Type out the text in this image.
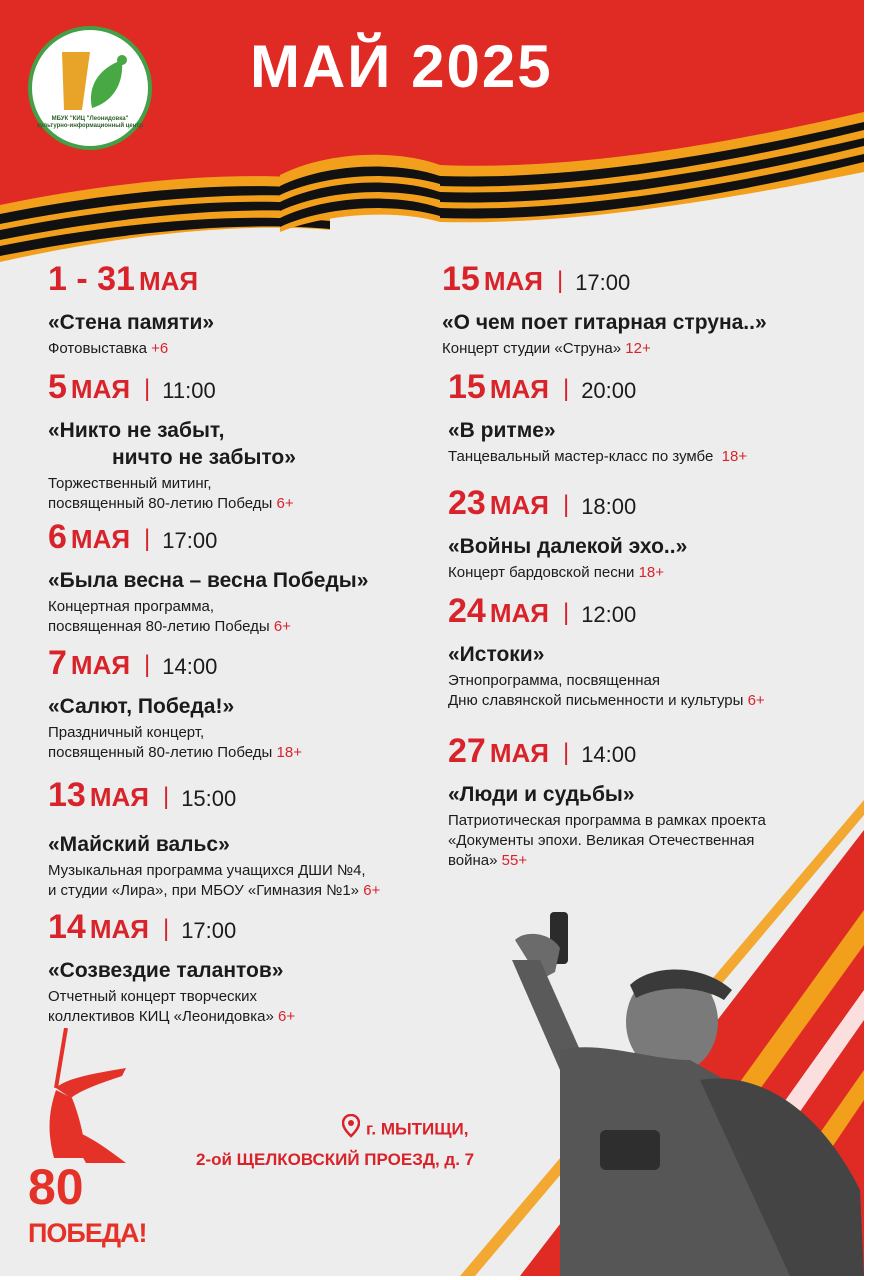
МБУК "КИЦ "Леонидовка"
культурно-информационный центр
МАЙ 2025
1 - 31 МАЯ
«Стена памяти»
Фотовыставка +6
5 МАЯ | 11:00
«Никто не забыт,
ничто не забыто»
Торжественный митинг,
посвященный 80-летию Победы 6+
6 МАЯ | 17:00
«Была весна – весна Победы»
Концертная программа,
посвященная 80-летию Победы 6+
7 МАЯ | 14:00
«Салют, Победа!»
Праздничный концерт,
посвященный 80-летию Победы 18+
13 МАЯ | 15:00
«Майский вальс»
Музыкальная программа учащихся ДШИ №4,
и студии «Лира», при МБОУ «Гимназия №1» 6+
14 МАЯ | 17:00
«Созвездие талантов»
Отчетный концерт творческих
коллективов КИЦ «Леонидовка» 6+
15 МАЯ | 17:00
«О чем поет гитарная струна..»
Концерт студии «Струна» 12+
15 МАЯ | 20:00
«В ритме»
Танцевальный мастер-класс по зумбе 18+
23 МАЯ | 18:00
«Войны далекой эхо..»
Концерт бардовской песни 18+
24 МАЯ | 12:00
«Истоки»
Этнопрограмма, посвященная
Дню славянской письменности и культуры 6+
27 МАЯ | 14:00
«Люди и судьбы»
Патриотическая программа в рамках проекта
«Документы эпохи. Великая Отечественная
война» 55+
г. МЫТИЩИ,
2-ой ЩЕЛКОВСКИЙ ПРОЕЗД, д. 7
80
ПОБЕДА!
